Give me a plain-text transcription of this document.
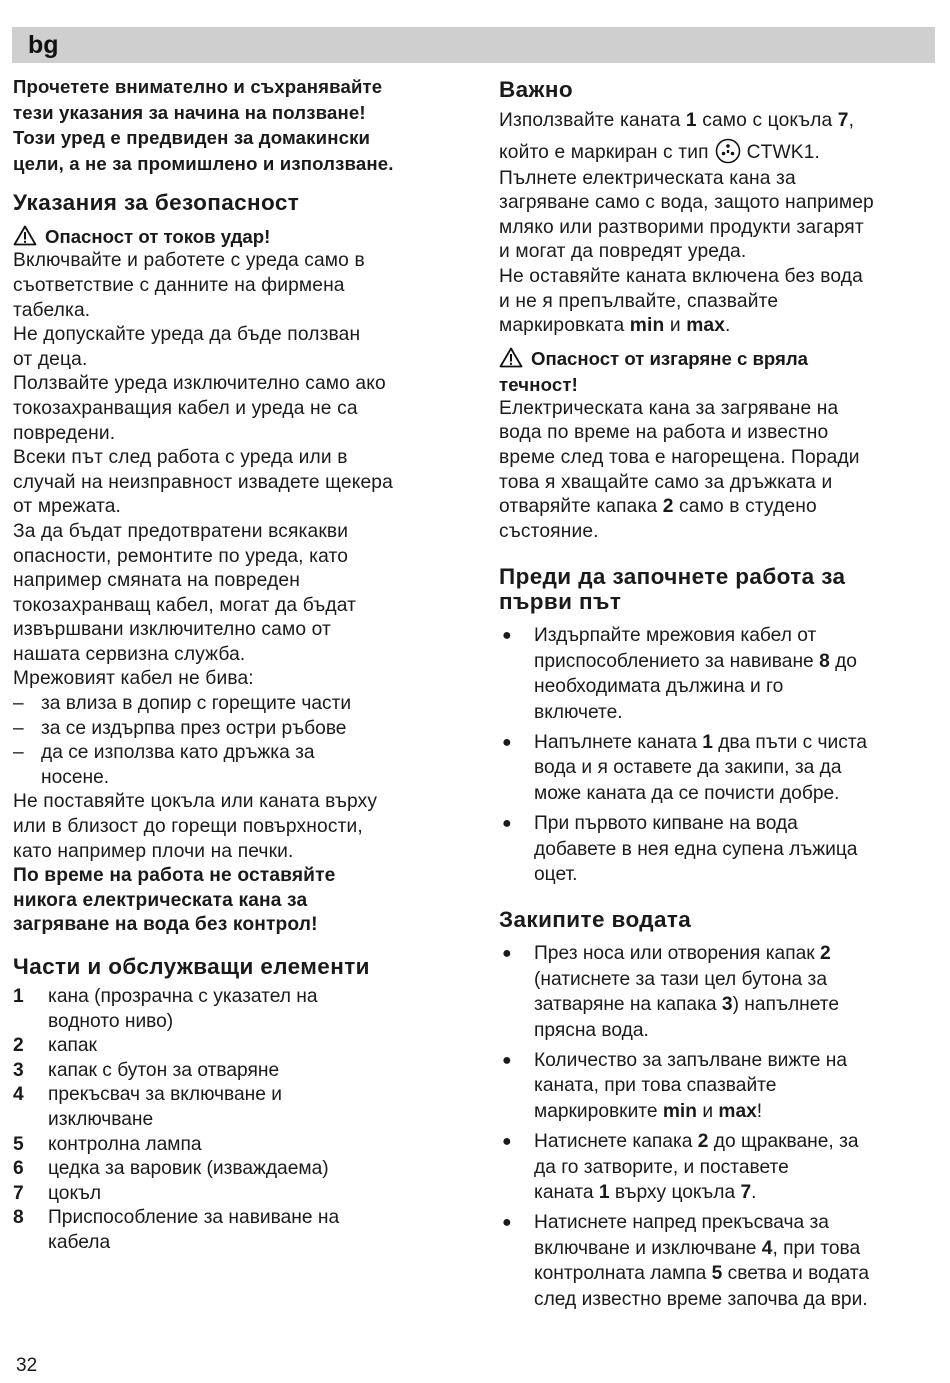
bg

Прочетете внимателно и съхранявайте

тези указания за начина на ползване!

Този уред е предвиден за домакински

цели, а не за промишлено и използване.

Указания за безопасност
Опасност от токов удар!

Включвайте и работете с уреда само в

съответствие с данните на фирмена

табелка.

Не допускайте уреда да бъде ползван

от деца.

Ползвайте уреда изключително само ако

токозахранващия кабел и уреда не са

повредени.

Всеки път след работа с уреда или в

случай на неизправност извадете щекера

от мрежата.

За да бъдат предотвратени всякакви

опасности, ремонтите по уреда, като

например смяната на повреден

токозахранващ кабел, могат да бъдат

извършвани изключително само от

нашата сервизна служба.

Мрежовият кабел не бива:

– за влиза в допир с горещите части
– за се издърпва през остри ръбове
– да се използва като дръжка за
носене.

Не поставяйте цокъла или каната върху

или в близост до горещи повърхности,

като например плочи на печки.

По време на работа не оставяйте

никога електрическата кана за

загряване на вода без контрол!

Части и обслужващи елементи
1 кана (прозрачна с указател на
водното ниво)
2 капак
3 капак с бутон за отваряне
4 прекъсвач за включване и
изключване
5 контролна лампа
6 цедка за варовик (изваждаема)
7 цокъл
8 Приспособление за навиване на
кабела
Важно

Използвайте каната 1 само с цокъла 7,

който е маркиран с тип CTWK1.

Пълнете електрическата кана за

загряване само с вода, защото например

мляко или разтворими продукти загарят

и могат да повредят уреда.

Не оставяйте каната включена без вода

и не я препълвайте, спазвайте

маркировката min и max.

Опасност от изгаряне с вряла

течност!

Електрическата кана за загряване на

вода по време на работа и известно

време след това е нагорещена. Поради

това я хващайте само за дръжката и

отваряйте капака 2 само в студено

състояние.

Преди да започнете работа за
първи път
● Издърпайте мрежовия кабел от
приспособлението за навиване 8 до
необходимата дължина и го
включете.
● Напълнете каната 1 два пъти с чиста
вода и я оставете да закипи, за да
може каната да се почисти добре.
● При първото кипване на вода
добавете в нея една супена лъжица
оцет.
Закипите водата
● През носа или отворения капак 2
(натиснете за тази цел бутона за
затваряне на капака 3) напълнете
прясна вода.
● Количество за запълване вижте на
каната, при това спазвайте
маркировките min и max!
● Натиснете капака 2 до щракване, за
да го затворите, и поставете
каната 1 върху цокъла 7.
● Натиснете напред прекъсвача за
включване и изключване 4, при това
контролната лампа 5 светва и водата
след известно време започва да ври.
32
